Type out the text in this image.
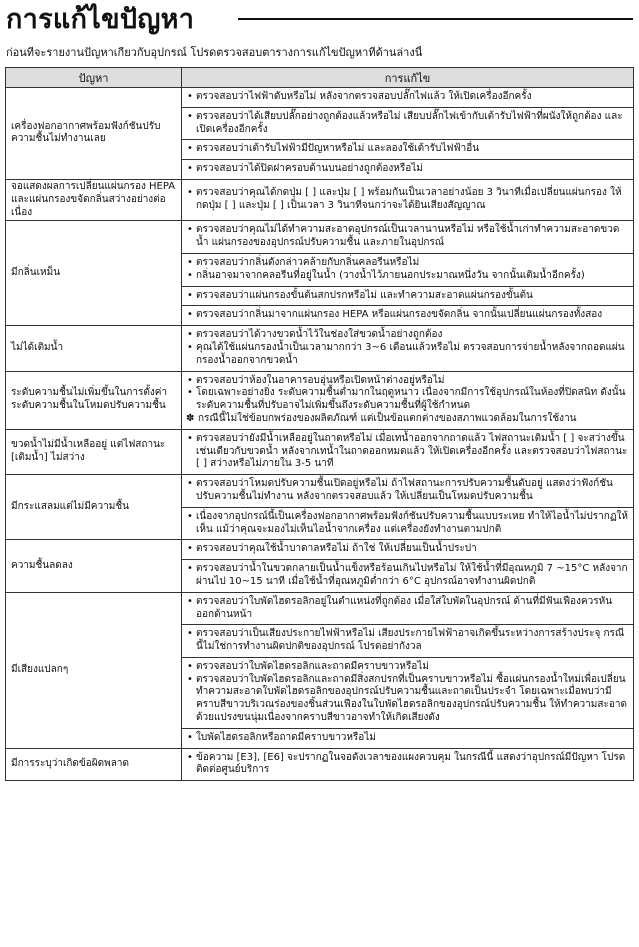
การแก้ไขปัญหา
ก่อนที่จะรายงานปัญหาเกี่ยวกับอุปกรณ์ โปรดตรวจสอบตารางการแก้ไขปัญหาที่ด้านล่างนี้
ปัญหา	การแก้ไข
เครื่องฟอกอากาศพร้อมฟังก์ชันปรับความชื้นไม่ทำงานเลย	• ตรวจสอบว่าไฟฟ้าดับหรือไม่ หลังจากตรวจสอบปลั๊กไฟแล้ว ให้เปิดเครื่องอีกครั้ง

	• ตรวจสอบว่าได้เสียบปลั๊กอย่างถูกต้องแล้วหรือไม่ เสียบปลั๊กไฟเข้ากับเต้ารับไฟฟ้าที่ผนังให้ถูกต้อง และเปิดเครื่องอีกครั้ง

	• ตรวจสอบว่าเต้ารับไฟฟ้ามีปัญหาหรือไม่ และลองใช้เต้ารับไฟฟ้าอื่น

	• ตรวจสอบว่าได้ปิดฝาครอบด้านบนอย่างถูกต้องหรือไม่

จอแสดงผลการเปลี่ยนแผ่นกรอง HEPA และแผ่นกรองขจัดกลิ่นสว่างอย่างต่อเนื่อง	• ตรวจสอบว่าคุณได้กดปุ่ม [ ] และปุ่ม [ ] พร้อมกันเป็นเวลาอย่างน้อย 3 วินาทีเมื่อเปลี่ยนแผ่นกรอง ให้กดปุ่ม [ ] และปุ่ม [ ] เป็นเวลา 3 วินาทีจนกว่าจะได้ยินเสียงสัญญาณ

มีกลิ่นเหม็น	• ตรวจสอบว่าคุณไม่ได้ทำความสะอาดอุปกรณ์เป็นเวลานานหรือไม่ หรือใช้น้ำเก่าทำความสะอาดขวดน้ำ แผ่นกรองของอุปกรณ์ปรับความชื้น และภายในอุปกรณ์

	• ตรวจสอบว่ากลิ่นดังกล่าวคล้ายกับกลิ่นคลอรีนหรือไม่
• กลิ่นอาจมาจากคลอรีนที่อยู่ในน้ำ (วางน้ำไว้ภายนอกประมาณหนึ่งวัน จากนั้นเติมน้ำอีกครั้ง)

	• ตรวจสอบว่าแผ่นกรองขั้นต้นสกปรกหรือไม่ และทำความสะอาดแผ่นกรองขั้นต้น

	• ตรวจสอบว่ากลิ่นมาจากแผ่นกรอง HEPA หรือแผ่นกรองขจัดกลิ่น จากนั้นเปลี่ยนแผ่นกรองทั้งสอง

ไม่ได้เติมน้ำ	• ตรวจสอบว่าได้วางขวดน้ำไว้ในช่องใส่ขวดน้ำอย่างถูกต้อง
• คุณได้ใช้แผ่นกรองน้ำเป็นเวลามากกว่า 3~6 เดือนแล้วหรือไม่ ตรวจสอบการจ่ายน้ำหลังจากถอดแผ่นกรองน้ำออกจากขวดน้ำ

ระดับความชื้นไม่เพิ่มขึ้นในการตั้งค่าระดับความชื้นในโหมดปรับความชื้น	• ตรวจสอบว่าห้องในอาคารอบอุ่นหรือเปิดหน้าต่างอยู่หรือไม่
• โดยเฉพาะอย่างยิ่ง ระดับความชื้นต่ำมากในฤดูหนาว เนื่องจากมีการใช้อุปกรณ์ในห้องที่ปิดสนิท ดังนั้น ระดับความชื้นที่ปรับอาจไม่เพิ่มขึ้นถึงระดับความชื้นที่ผู้ใช้กำหนด
✽ กรณีนี้ไม่ใช่ข้อบกพร่องของผลิตภัณฑ์ แต่เป็นข้อแตกต่างของสภาพแวดล้อมในการใช้งาน

ขวดน้ำไม่มีน้ำเหลืออยู่ แต่ไฟสถานะ [เติมน้ำ] ไม่สว่าง	• ตรวจสอบว่ายังมีน้ำเหลืออยู่ในถาดหรือไม่ เมื่อเทน้ำออกจากถาดแล้ว ไฟสถานะเติมน้ำ [ ] จะสว่างขึ้น เช่นเดียวกับขวดน้ำ หลังจากเทน้ำในถาดออกหมดแล้ว ให้เปิดเครื่องอีกครั้ง และตรวจสอบว่าไฟสถานะ [ ] สว่างหรือไม่ภายใน 3-5 นาที

มีกระแสลมแต่ไม่มีความชื้น	• ตรวจสอบว่าโหมดปรับความชื้นเปิดอยู่หรือไม่ ถ้าไฟสถานะการปรับความชื้นดับอยู่ แสดงว่าฟังก์ชันปรับความชื้นไม่ทำงาน หลังจากตรวจสอบแล้ว ให้เปลี่ยนเป็นโหมดปรับความชื้น

	• เนื่องจากอุปกรณ์นี้เป็นเครื่องฟอกอากาศพร้อมฟังก์ชันปรับความชื้นแบบระเหย ทำให้ไอน้ำไม่ปรากฏให้เห็น แม้ว่าคุณจะมองไม่เห็นไอน้ำจากเครื่อง แต่เครื่องยังทำงานตามปกติ

ความชื้นลดลง	• ตรวจสอบว่าคุณใช้น้ำบาดาลหรือไม่ ถ้าใช่ ให้เปลี่ยนเป็นน้ำประปา

	• ตรวจสอบว่าน้ำในขวดกลายเป็นน้ำแข็งหรือร้อนเกินไปหรือไม่ ให้ใช้น้ำที่มีอุณหภูมิ 7 ~15°C หลังจากผ่านไป 10~15 นาที เมื่อใช้น้ำที่อุณหภูมิต่ำกว่า 6°C อุปกรณ์อาจทำงานผิดปกติ

มีเสียงแปลกๆ	• ตรวจสอบว่าใบพัดไฮดรอลิกอยู่ในตำแหน่งที่ถูกต้อง เมื่อใส่ใบพัดในอุปกรณ์ ด้านที่มีฟันเฟืองควรหันออกด้านหน้า

	• ตรวจสอบว่าเป็นเสียงประกายไฟฟ้าหรือไม่ เสียงประกายไฟฟ้าอาจเกิดขึ้นระหว่างการสร้างประจุ กรณีนี้ไม่ใช่การทำงานผิดปกติของอุปกรณ์ โปรดอย่ากังวล

	• ตรวจสอบว่าใบพัดไฮดรอลิกและถาดมีคราบขาวหรือไม่
• ตรวจสอบว่าใบพัดไฮดรอลิกและถาดมีสิ่งสกปรกที่เป็นคราบขาวหรือไม่ ซื้อแผ่นกรองน้ำใหม่เพื่อเปลี่ยน ทำความสะอาดใบพัดไฮดรอลิกของอุปกรณ์ปรับความชื้นและถาดเป็นประจำ โดยเฉพาะเมื่อพบว่ามีคราบสีขาวบริเวณร่องของชิ้นส่วนเฟืองในใบพัดไฮดรอลิกของอุปกรณ์ปรับความชื้น ให้ทำความสะอาดด้วยแปรงขนนุ่มเนื่องจากคราบสีขาวอาจทำให้เกิดเสียงดัง

	• ใบพัดไฮดรอลิกหรือถาดมีคราบขาวหรือไม่

มีการระบุว่าเกิดข้อผิดพลาด	• ข้อความ [E3], [E6] จะปรากฏในจอดังเวลาของแผงควบคุม ในกรณีนี้ แสดงว่าอุปกรณ์มีปัญหา โปรดติดต่อศูนย์บริการ
